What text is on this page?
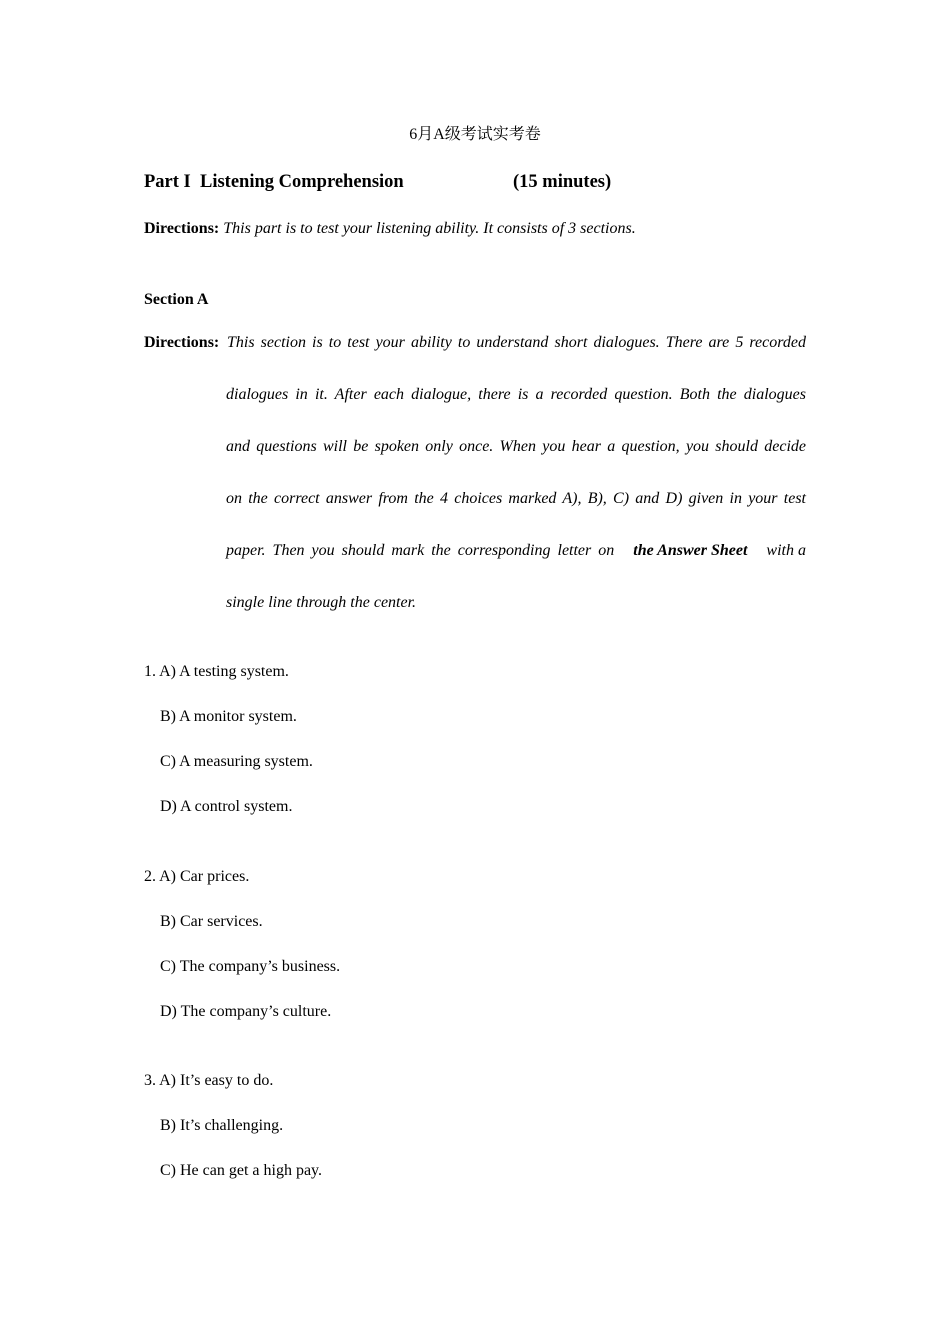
6月A级考试实考卷
Part I  Listening Comprehension	(15 minutes)
Directions: This part is to test your listening ability. It consists of 3 sections.
Section A
Directions: This section is to test your ability to understand short dialogues. There are 5 recorded
dialogues in it. After each dialogue, there is a recorded question. Both the dialogues
and questions will be spoken only once. When you hear a question, you should decide
on the correct answer from the 4 choices marked A), B), C) and D) given in your test
paper. Then you should mark the corresponding letter on the Answer Sheet with a
single line through the center.
1. A) A testing system.
B) A monitor system.
C) A measuring system.
D) A control system.
2. A) Car prices.
B) Car services.
C) The company’s business.
D) The company’s culture.
3. A) It’s easy to do.
B) It’s challenging.
C) He can get a high pay.
